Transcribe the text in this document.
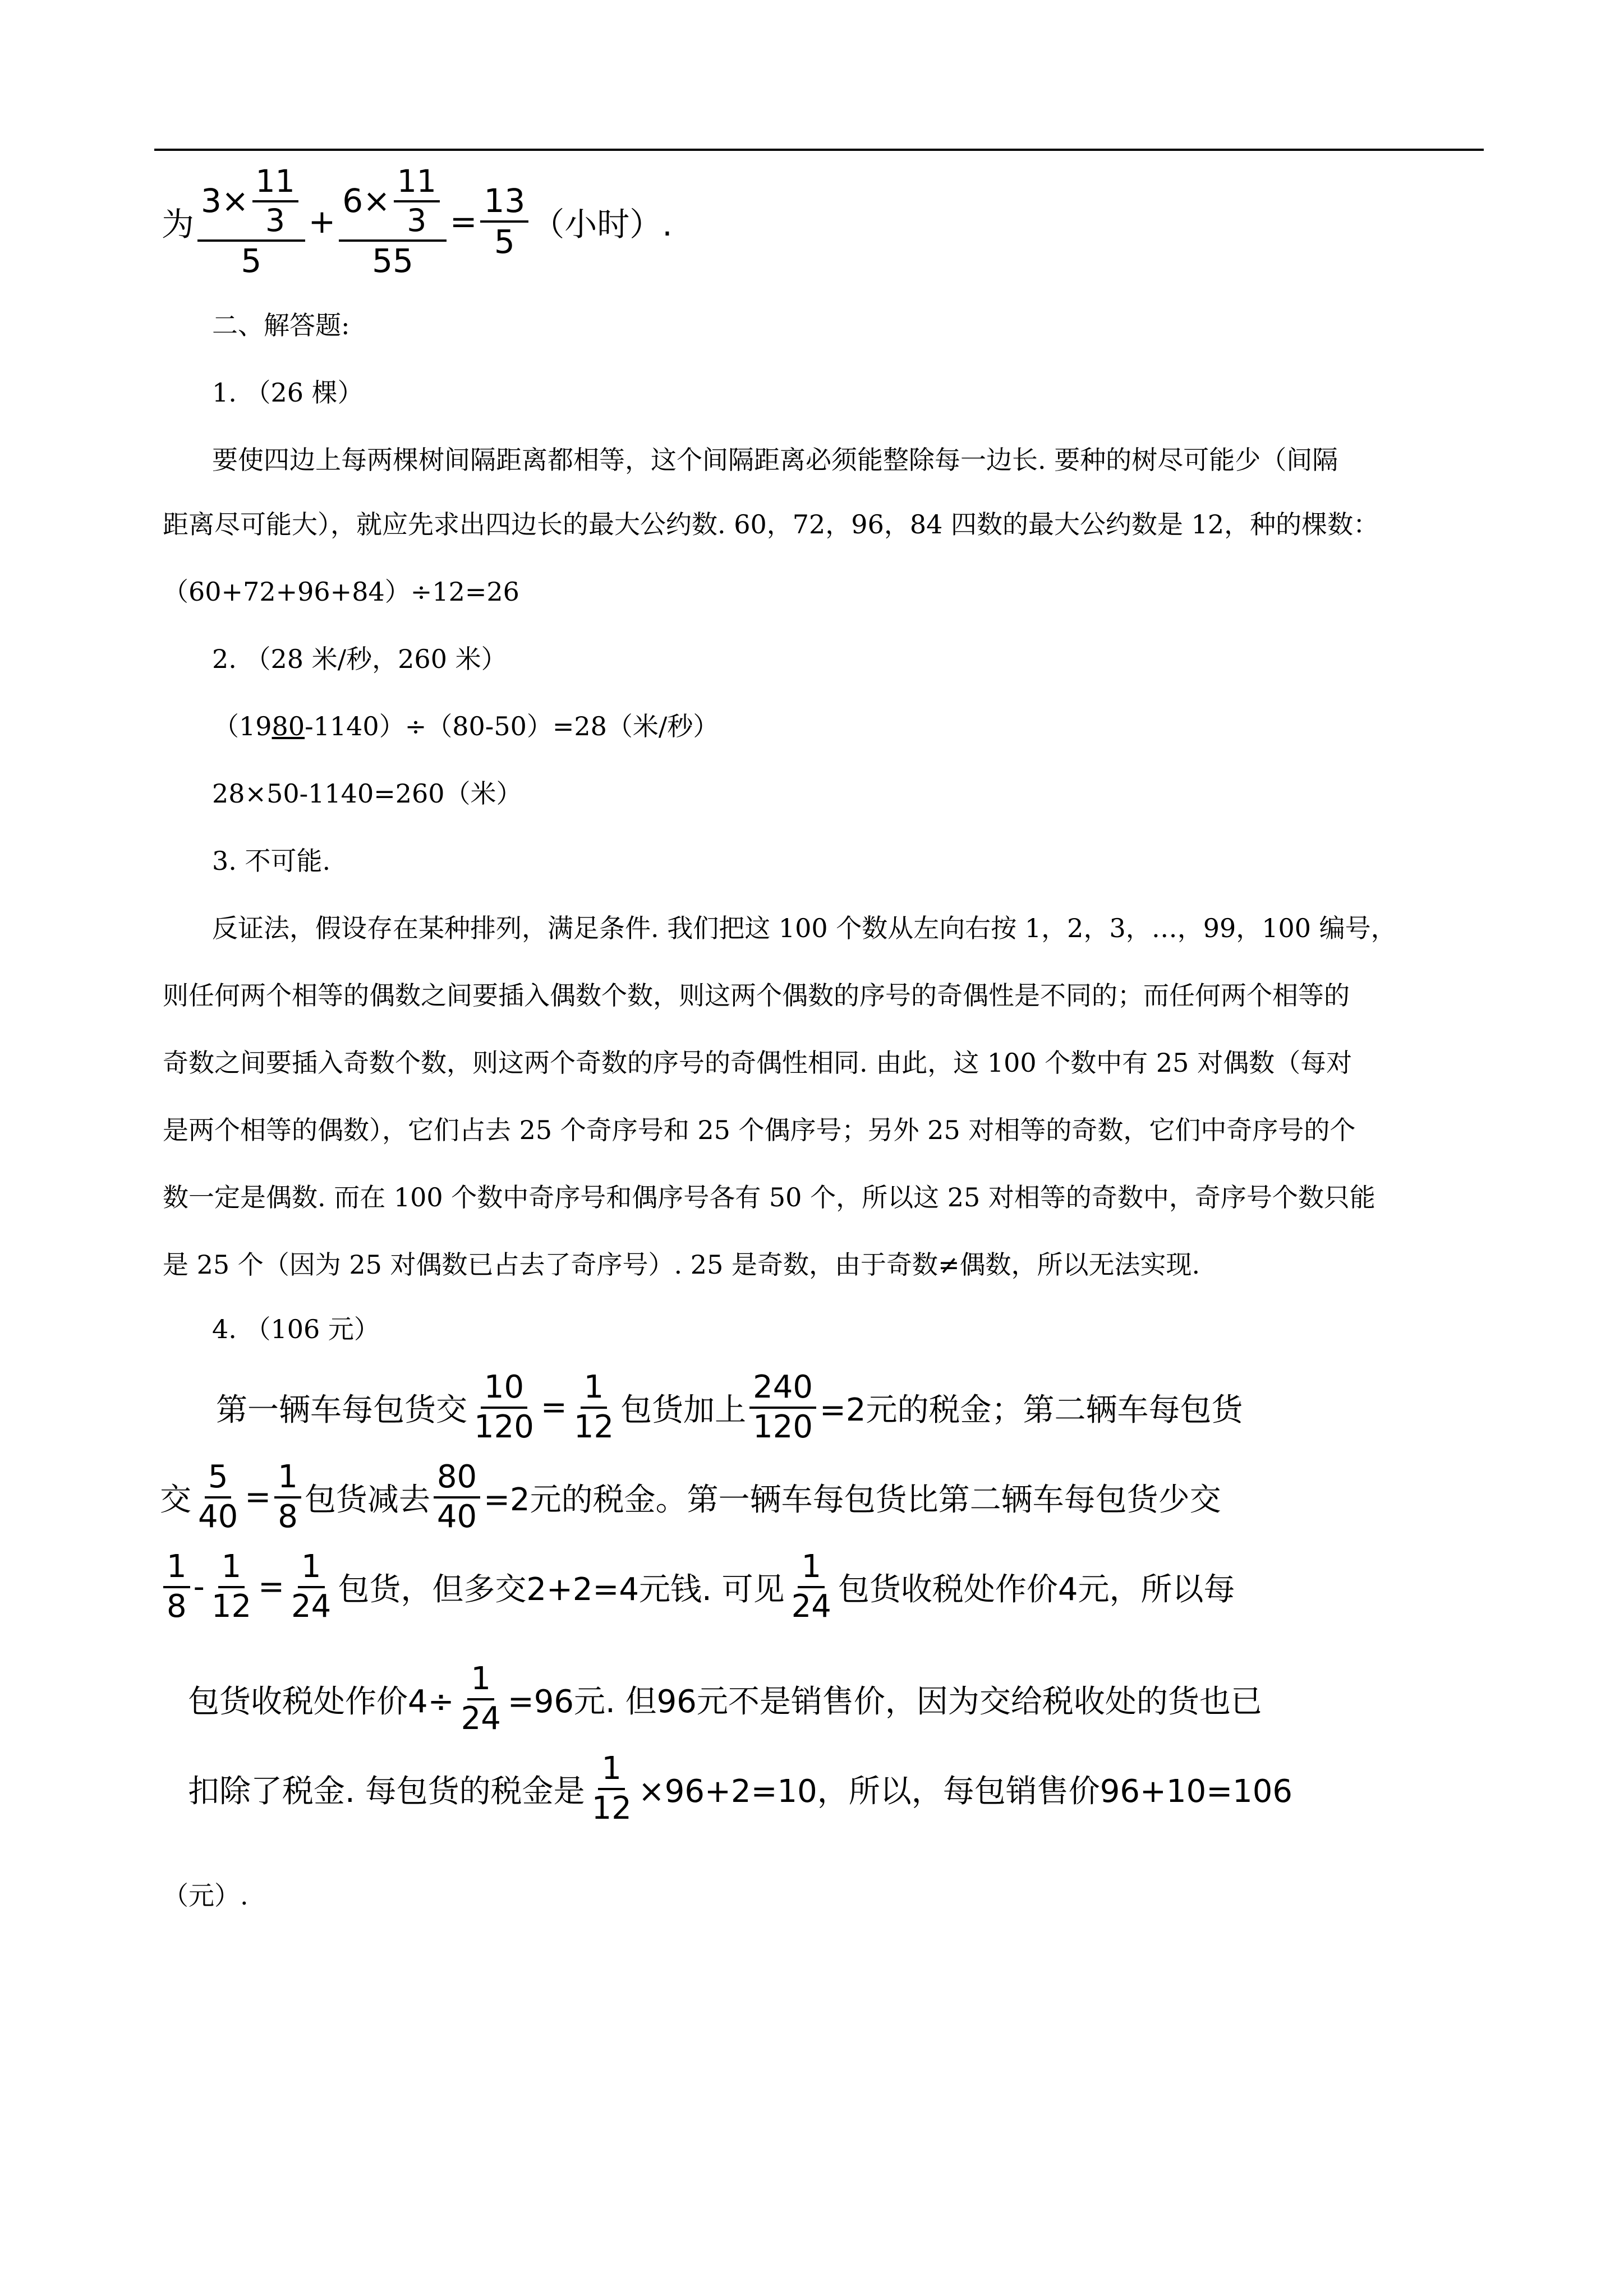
为
$3\times \frac{11}{3}$
5
+ $\frac{6\times \frac{11}{3}}{55} = \frac{13}{5}$ （小时）.
二、解答题:
1. （26 棵）
要使四边上每两棵树间隔距离都相等，这个间隔距离必须能整除每一边长. 要种的树尽可能少（间隔
距离尽可能大），就应先求出四边长的最大公约数. 60，72，96，84 四数的最大公约数是 12，种的棵数：
（60+72+96+84）÷12=26
2. （28 米/秒，260 米）
（1980-1140）÷（80-50）=28（米/秒）
28×50-1140=260（米）
3. 不可能.
反证法，假设存在某种排列，满足条件. 我们把这 100 个数从左向右按 1，2，3，…，99，100 编号，
则任何两个相等的偶数之间要插入偶数个数，则这两个偶数的序号的奇偶性是不同的；而任何两个相等的
奇数之间要插入奇数个数，则这两个奇数的序号的奇偶性相同. 由此，这 100 个数中有 25 对偶数（每对
是两个相等的偶数），它们占去 25 个奇序号和 25 个偶序号；另外 25 对相等的奇数，它们中奇序号的个
数一定是偶数. 而在 100 个数中奇序号和偶序号各有 50 个，所以这 25 对相等的奇数中，奇序号个数只能
是 25 个（因为 25 对偶数已占去了奇序号）. 25 是奇数，由于奇数≠偶数，所以无法实现.
4. （106 元）
第一辆车每包货交 $\frac{10}{120} = \frac{1}{12}$ 包货加上 $\frac{240}{120} =2$元的税金；第二辆车每包货
交 $\frac{5}{40} = \frac{1}{8}$ 包货减去 $\frac{80}{40} =2$元的税金。第一辆车每包货比第二辆车每包货少交
1
8
- $\frac{1}{12} = \frac{1}{24}$ 包货，但多交2+2=4元钱. 可见
1
24 包货收税处作价4元，所以每
包货收税处作价$4\div \frac{1}{24} =96$元. 但96元不是销售价，因为交给税收处的货也已
扣除了税金. 每包货的税金是 $\frac{1}{12} \times 96+2=10$，所以，每包销售价96+10=106
（元）.
